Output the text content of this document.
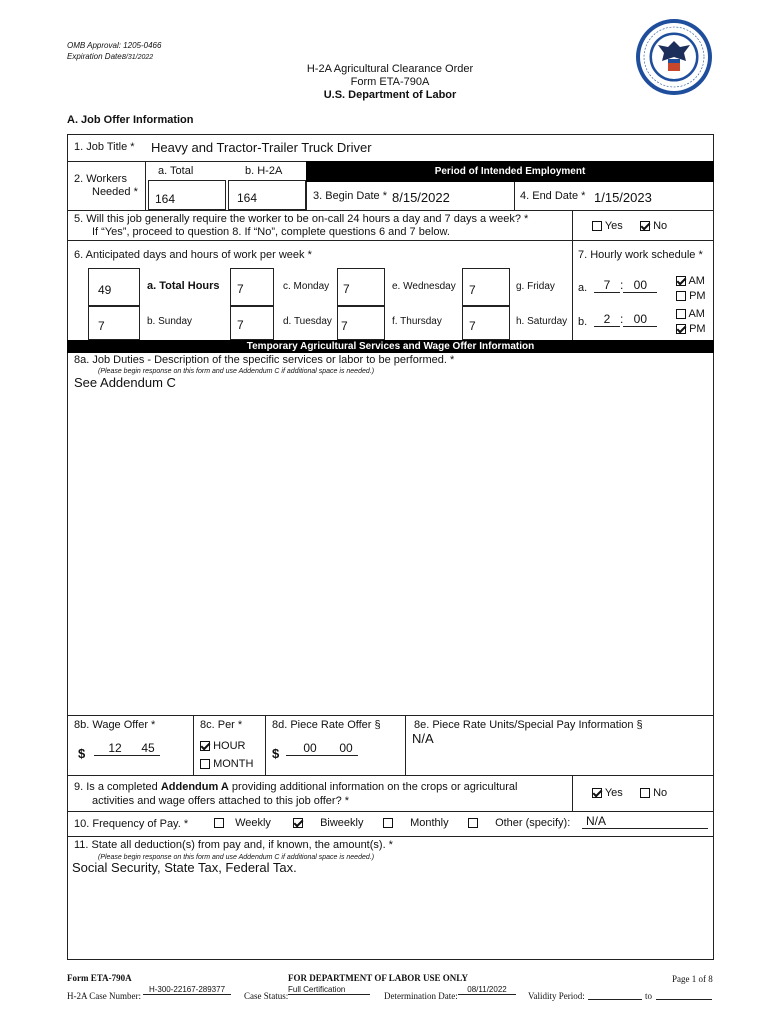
OMB Approval: 1205-0466
Expiration Date:
8/31/2022
H-2A Agricultural Clearance Order
Form ETA-790A
U.S. Department of Labor
A. Job Offer Information
1. Job Title * Heavy and Tractor-Trailer Truck Driver
2. Workers
Needed *
a. Total	b. H-2A
164	164
Period of Intended Employment
3. Begin Date * 8/15/2022	4. End Date * 1/15/2023
5. Will this job generally require the worker to be on-call 24 hours a day and 7 days a week? *
If “Yes”, proceed to question 8. If “No”, complete questions 6 and 7 below.	Yes	No
6. Anticipated days and hours of work per week *	7. Hourly work schedule *
49	a. Total Hours 7	c. Monday 7	e. Wednesday 7	g. Friday
7	b. Sunday	7	d. Tuesday 7	f. Thursday 7	h. Saturday
a.	7 : 00	AM
PM
b.	2 : 00	AM
PM
Temporary Agricultural Services and Wage Offer Information
8a. Job Duties - Description of the specific services or labor to be performed. *
(Please begin response on this form and use Addendum C if additional space is needed.)
See Addendum C
8b. Wage Offer *
$	12 45
8c. Per *
HOUR
MONTH
8d. Piece Rate Offer §
$	00 00
8e. Piece Rate Units/Special Pay Information §
N/A
9. Is a completed Addendum A providing additional information on the crops or agricultural
activities and wage offers attached to this job offer? *
Yes	No
10. Frequency of Pay. *	Weekly	Biweekly	Monthly	Other (specify):	N/A
11. State all deduction(s) from pay and, if known, the amount(s). *
(Please begin response on this form and use Addendum C if additional space is needed.)
Social Security, State Tax, Federal Tax.
Form ETA-790A	FOR DEPARTMENT OF LABOR USE ONLY	Page 1 of 8
H-2A Case Number:
H-300-22167-289377
Case Status:
Full Certification
Determination Date:
08/11/2022
Validity Period:	to
